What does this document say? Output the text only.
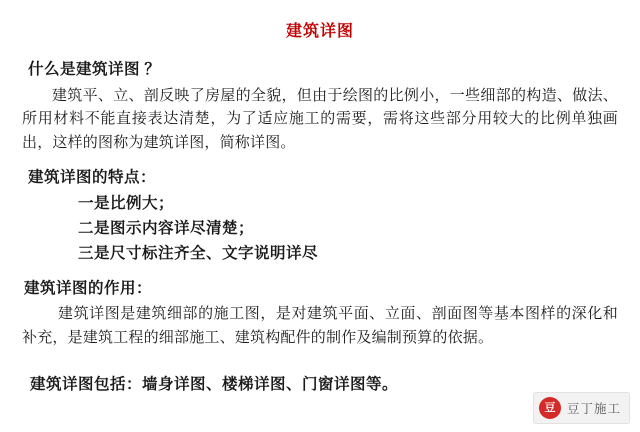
建筑详图
什么是建筑详图 ？

建筑平、立、剖反映了房屋的全貌，但由于绘图的比例小，一些细部的构造、做法、所用材料不能直接表达清楚，为了适应施工的需要，需将这些部分用较大的比例单独画出，这样的图称为建筑详图，简称详图。

建筑详图的特点：
一是比例大；
二是图示内容详尽清楚；
三是尺寸标注齐全、文字说明详尽
建筑详图的作用：

建筑详图是建筑细部的施工图，是对建筑平面、立面、剖面图等基本图样的深化和补充，是建筑工程的细部施工、建筑构配件的制作及编制预算的依据。

建筑详图包括：墙身详图、楼梯详图、门窗详图等。
豆 豆丁施工
